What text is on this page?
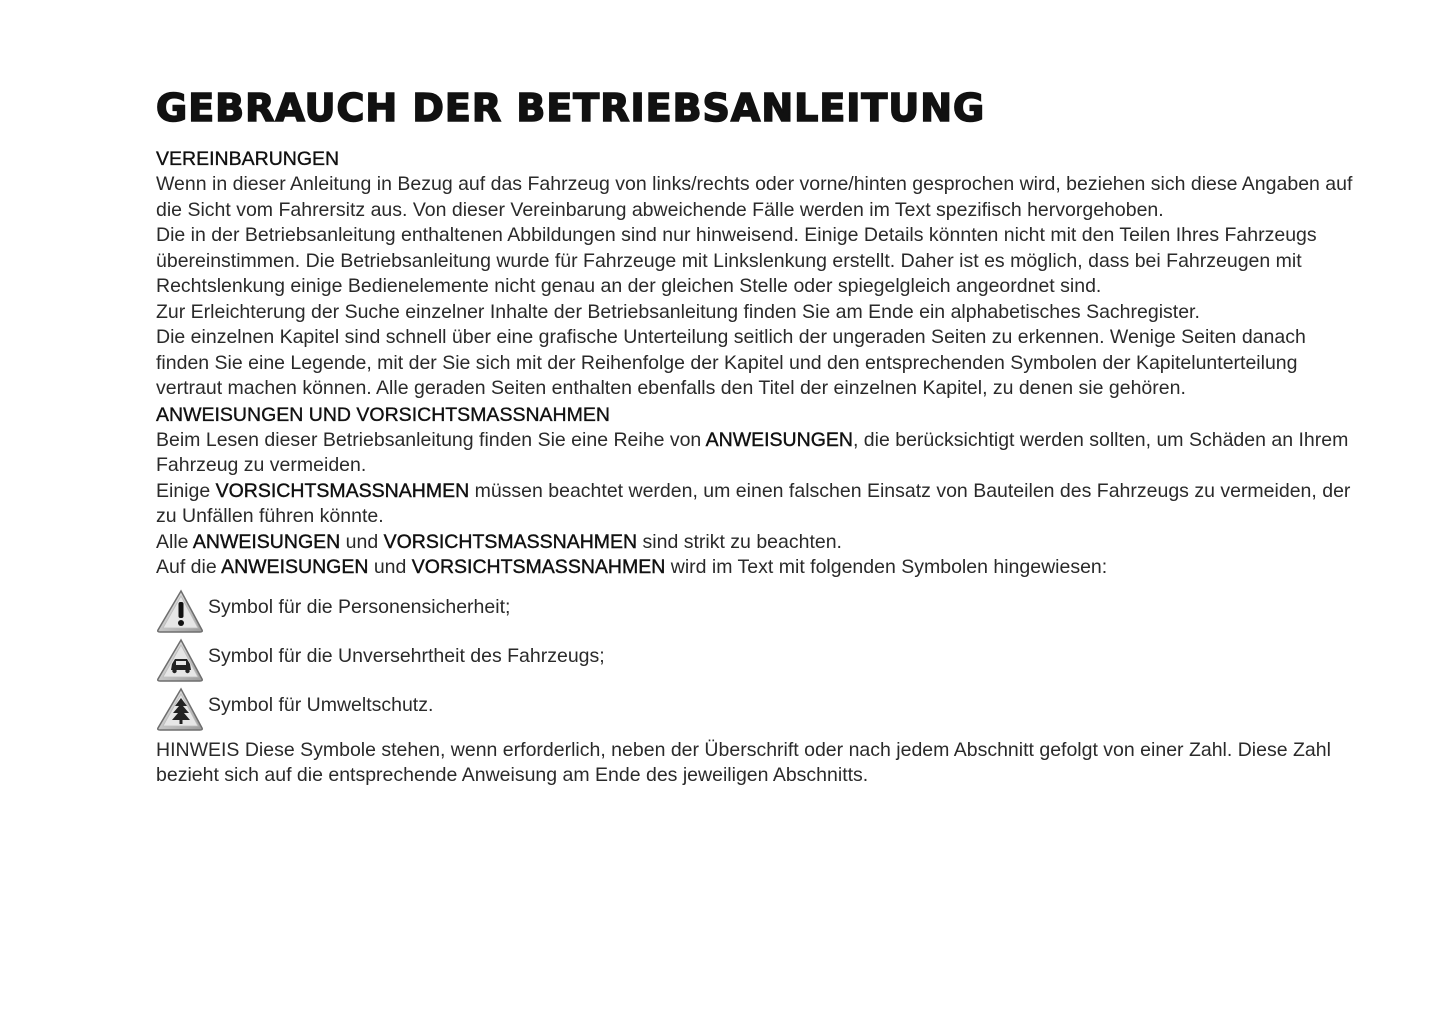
GEBRAUCH DER BETRIEBSANLEITUNG

VEREINBARUNGEN

Wenn in dieser Anleitung in Bezug auf das Fahrzeug von links/rechts oder vorne/hinten gesprochen wird, beziehen sich diese Angaben auf die Sicht vom Fahrersitz aus. Von dieser Vereinbarung abweichende Fälle werden im Text spezifisch hervorgehoben.

Die in der Betriebsanleitung enthaltenen Abbildungen sind nur hinweisend. Einige Details könnten nicht mit den Teilen Ihres Fahrzeugs übereinstimmen. Die Betriebsanleitung wurde für Fahrzeuge mit Linkslenkung erstellt. Daher ist es möglich, dass bei Fahrzeugen mit Rechtslenkung einige Bedienelemente nicht genau an der gleichen Stelle oder spiegelgleich angeordnet sind.

Zur Erleichterung der Suche einzelner Inhalte der Betriebsanleitung finden Sie am Ende ein alphabetisches Sachregister.

Die einzelnen Kapitel sind schnell über eine grafische Unterteilung seitlich der ungeraden Seiten zu erkennen. Wenige Seiten danach finden Sie eine Legende, mit der Sie sich mit der Reihenfolge der Kapitel und den entsprechenden Symbolen der Kapitelunterteilung vertraut machen können. Alle geraden Seiten enthalten ebenfalls den Titel der einzelnen Kapitel, zu denen sie gehören.

ANWEISUNGEN UND VORSICHTSMASSNAHMEN

Beim Lesen dieser Betriebsanleitung finden Sie eine Reihe von ANWEISUNGEN, die berücksichtigt werden sollten, um Schäden an Ihrem Fahrzeug zu vermeiden.

Einige VORSICHTSMASSNAHMEN müssen beachtet werden, um einen falschen Einsatz von Bauteilen des Fahrzeugs zu vermeiden, der zu Unfällen führen könnte.

Alle ANWEISUNGEN und VORSICHTSMASSNAHMEN sind strikt zu beachten.

Auf die ANWEISUNGEN und VORSICHTSMASSNAHMEN wird im Text mit folgenden Symbolen hingewiesen:

Symbol für die Personensicherheit;
Symbol für die Unversehrtheit des Fahrzeugs;
Symbol für Umweltschutz.

HINWEIS Diese Symbole stehen, wenn erforderlich, neben der Überschrift oder nach jedem Abschnitt gefolgt von einer Zahl. Diese Zahl bezieht sich auf die entsprechende Anweisung am Ende des jeweiligen Abschnitts.
